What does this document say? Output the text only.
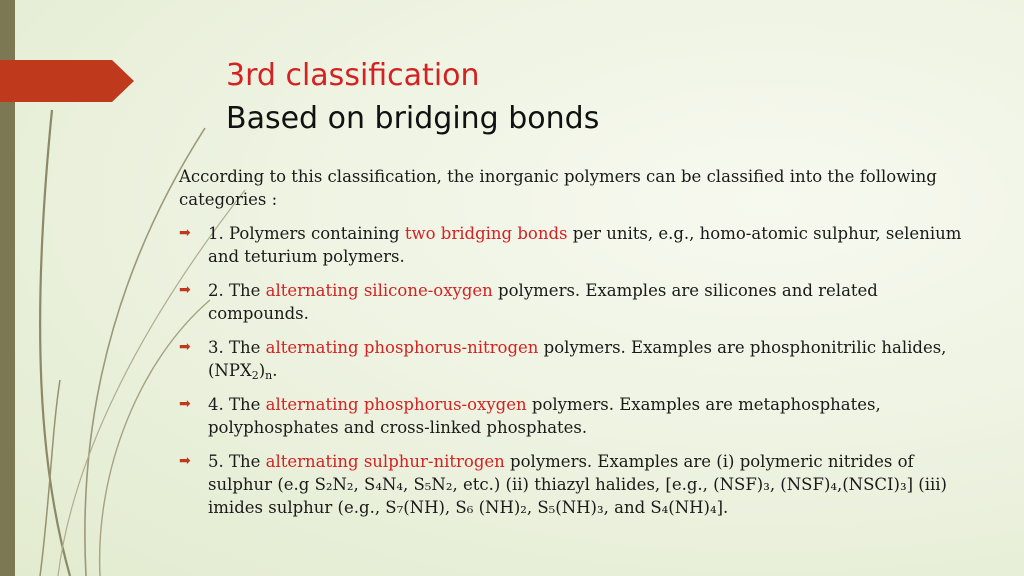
3rd classification
Based on bridging bonds

According to this classification, the inorganic polymers can be classified into the following categories :

➡ 1. Polymers containing two bridging bonds per units, e.g., homo-atomic sulphur, selenium and teturium polymers.
➡ 2. The alternating silicone-oxygen polymers. Examples are silicones and related compounds.
➡ 3. The alternating phosphorus-nitrogen polymers. Examples are phosphonitrilic halides, $(NPX_2)_n$.
➡ 4. The alternating phosphorus-oxygen polymers. Examples are metaphosphates, polyphosphates and cross-linked phosphates.
➡ 5. The alternating sulphur-nitrogen polymers. Examples are (i) polymeric nitrides of sulphur (e.g S₂N₂, S₄N₄, S₅N₂, etc.) (ii) thiazyl halides, [e.g., (NSF)₃, (NSF)₄,(NSCI)₃] (iii) imides sulphur (e.g., S₇(NH), S₆ (NH)₂, S₅(NH)₃, and S₄(NH)₄].
